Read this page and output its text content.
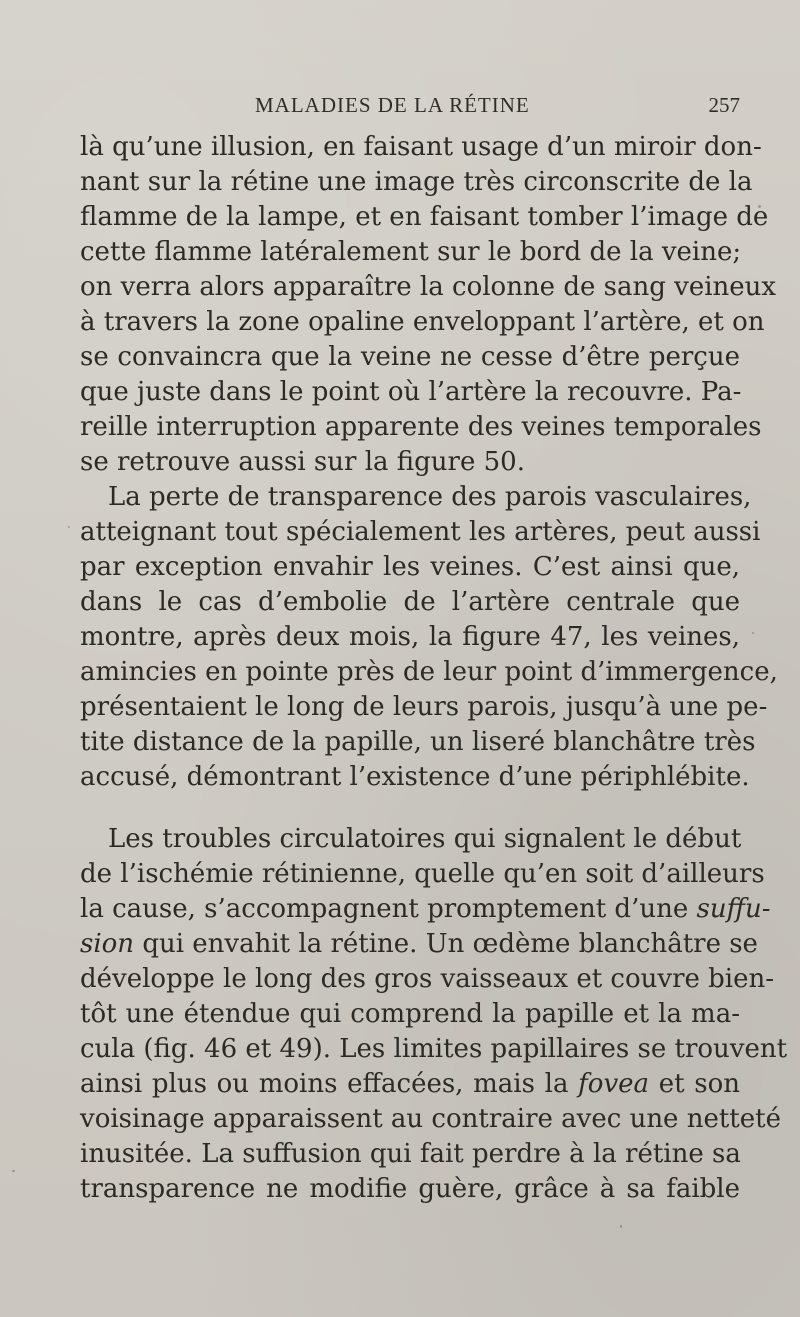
MALADIES DE LA RÉTINE	257
là qu’une illusion, en faisant usage d’un miroir don-
nant sur la rétine une image très circonscrite de la
flamme de la lampe, et en faisant tomber l’image de
cette flamme latéralement sur le bord de la veine;
on verra alors apparaître la colonne de sang veineux
à travers la zone opaline enveloppant l’artère, et on
se convaincra que la veine ne cesse d’être perçue
que juste dans le point où l’artère la recouvre. Pa-
reille interruption apparente des veines temporales
se retrouve aussi sur la figure 50.
La perte de transparence des parois vasculaires,
atteignant tout spécialement les artères, peut aussi
par exception envahir les veines. C’est ainsi que,
dans le cas d’embolie de l’artère centrale que
montre, après deux mois, la figure 47, les veines,
amincies en pointe près de leur point d’immergence,
présentaient le long de leurs parois, jusqu’à une pe-
tite distance de la papille, un liseré blanchâtre très
accusé, démontrant l’existence d’une périphlébite.
Les troubles circulatoires qui signalent le début
de l’ischémie rétinienne, quelle qu’en soit d’ailleurs
la cause, s’accompagnent promptement d’une suffu-
sion qui envahit la rétine. Un œdème blanchâtre se
développe le long des gros vaisseaux et couvre bien-
tôt une étendue qui comprend la papille et la ma-
cula (fig. 46 et 49). Les limites papillaires se trouvent
ainsi plus ou moins effacées, mais la fovea et son
voisinage apparaissent au contraire avec une netteté
inusitée. La suffusion qui fait perdre à la rétine sa
transparence ne modifie guère, grâce à sa faible
